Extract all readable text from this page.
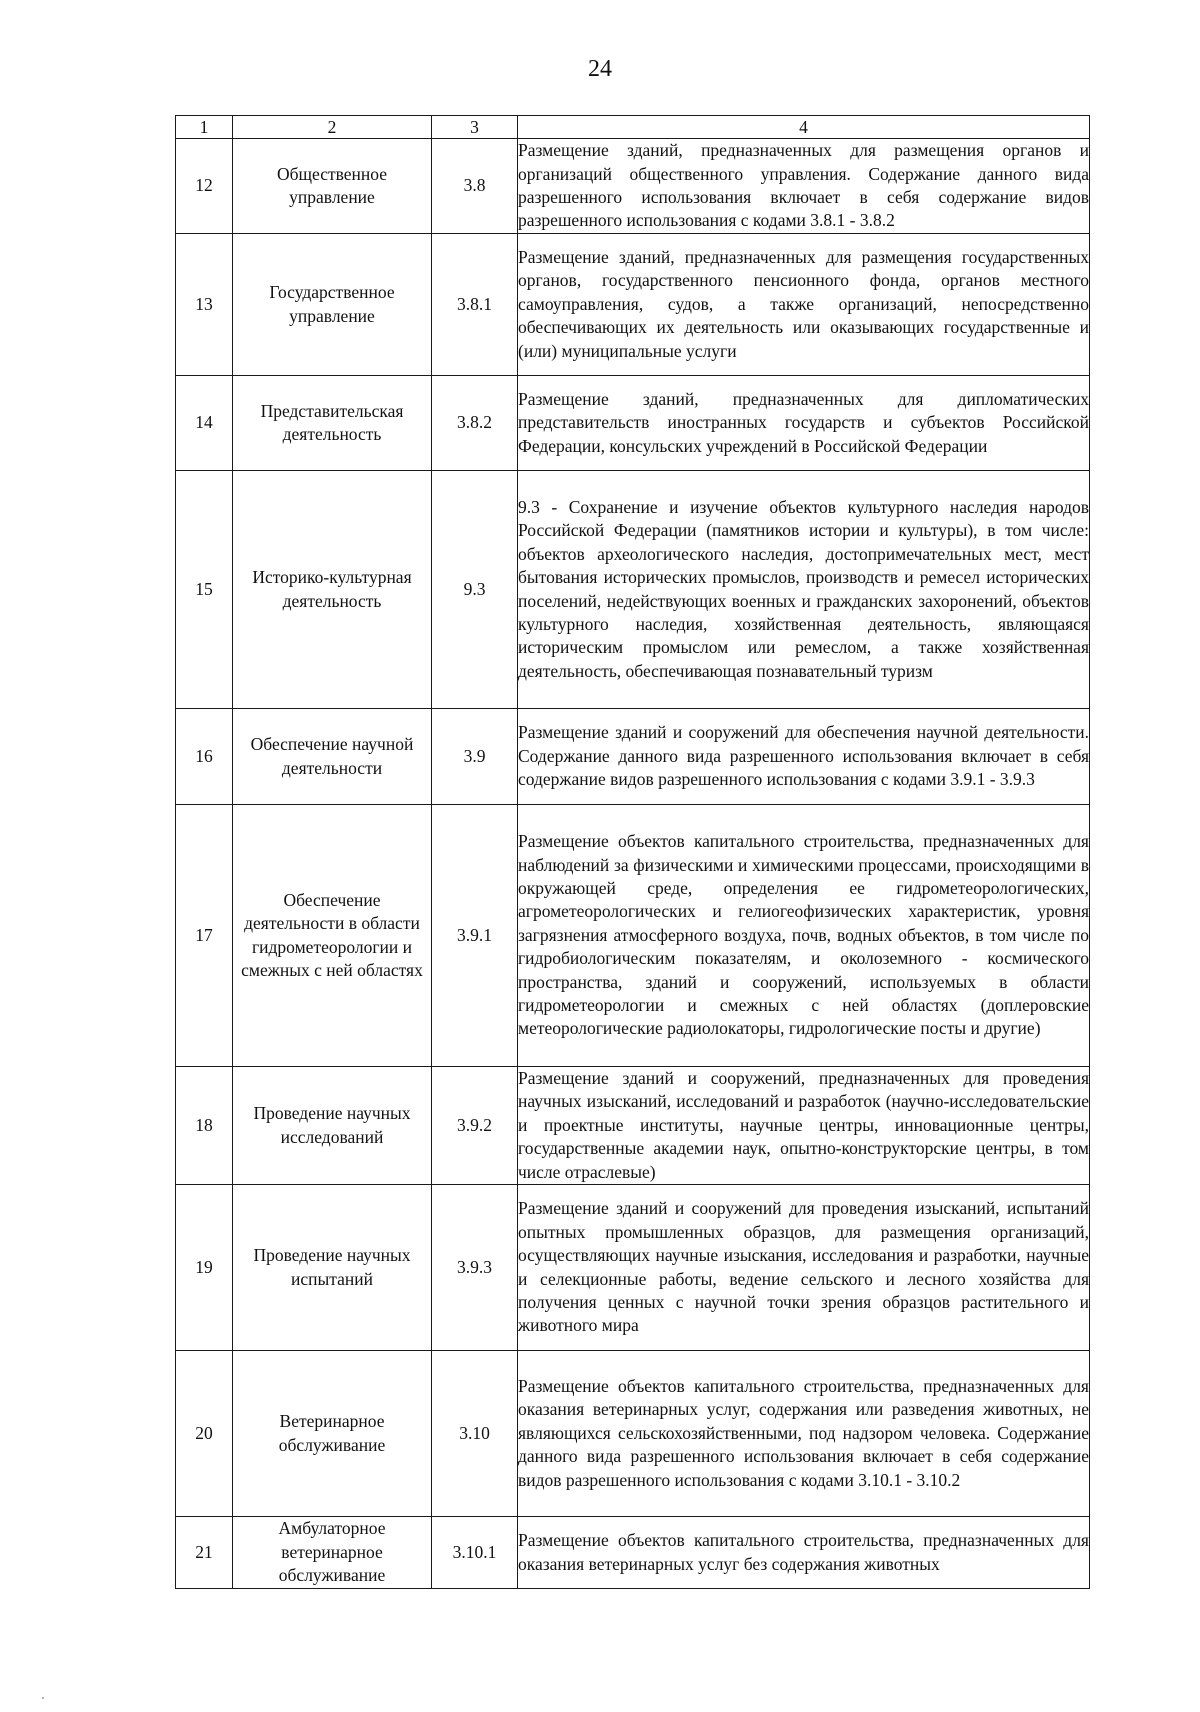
24
1	2	3	4
12	Общественное управление	3.8	Размещение зданий, предназначенных для размещения органов и организаций общественного управления. Содержание данного вида разрешенного использования включает в себя содержание видов разрешенного использования с кодами 3.8.1 - 3.8.2
13	Государственное управление	3.8.1	Размещение зданий, предназначенных для размещения государственных органов, государственного пенсионного фонда, органов местного самоуправления, судов, а также организаций, непосредственно обеспечивающих их деятельность или оказывающих государственные и (или) муниципальные услуги
14	Представительская деятельность	3.8.2	Размещение зданий, предназначенных для дипломатических представительств иностранных государств и субъектов Российской Федерации, консульских учреждений в Российской Федерации
15	Историко-культурная деятельность	9.3	9.3 - Сохранение и изучение объектов культурного наследия народов Российской Федерации (памятников истории и культуры), в том числе: объектов археологического наследия, достопримечательных мест, мест бытования исторических промыслов, производств и ремесел исторических поселений, недействующих военных и гражданских захоронений, объектов культурного наследия, хозяйственная деятельность, являющаяся историческим промыслом или ремеслом, а также хозяйственная деятельность, обеспечивающая познавательный туризм
16	Обеспечение научной деятельности	3.9	Размещение зданий и сооружений для обеспечения научной деятельности. Содержание данного вида разрешенного использования включает в себя содержание видов разрешенного использования с кодами 3.9.1 - 3.9.3
17	Обеспечение деятельности в области гидрометеорологии и смежных с ней областях	3.9.1	Размещение объектов капитального строительства, предназначенных для наблюдений за физическими и химическими процессами, происходящими в окружающей среде, определения ее гидрометеорологических, агрометеорологических и гелиогеофизических характеристик, уровня загрязнения атмосферного воздуха, почв, водных объектов, в том числе по гидробиологическим показателям, и околоземного - космического пространства, зданий и сооружений, используемых в области гидрометеорологии и смежных с ней областях (доплеровские метеорологические радиолокаторы, гидрологические посты и другие)
18	Проведение научных исследований	3.9.2	Размещение зданий и сооружений, предназначенных для проведения научных изысканий, исследований и разработок (научно-исследовательские и проектные институты, научные центры, инновационные центры, государственные академии наук, опытно-конструкторские центры, в том числе отраслевые)
19	Проведение научных испытаний	3.9.3	Размещение зданий и сооружений для проведения изысканий, испытаний опытных промышленных образцов, для размещения организаций, осуществляющих научные изыскания, исследования и разработки, научные и селекционные работы, ведение сельского и лесного хозяйства для получения ценных с научной точки зрения образцов растительного и животного мира
20	Ветеринарное обслуживание	3.10	Размещение объектов капитального строительства, предназначенных для оказания ветеринарных услуг, содержания или разведения животных, не являющихся сельскохозяйственными, под надзором человека. Содержание данного вида разрешенного использования включает в себя содержание видов разрешенного использования с кодами 3.10.1 - 3.10.2
21	Амбулаторное ветеринарное обслуживание	3.10.1	Размещение объектов капитального строительства, предназначенных для оказания ветеринарных услуг без содержания животных
